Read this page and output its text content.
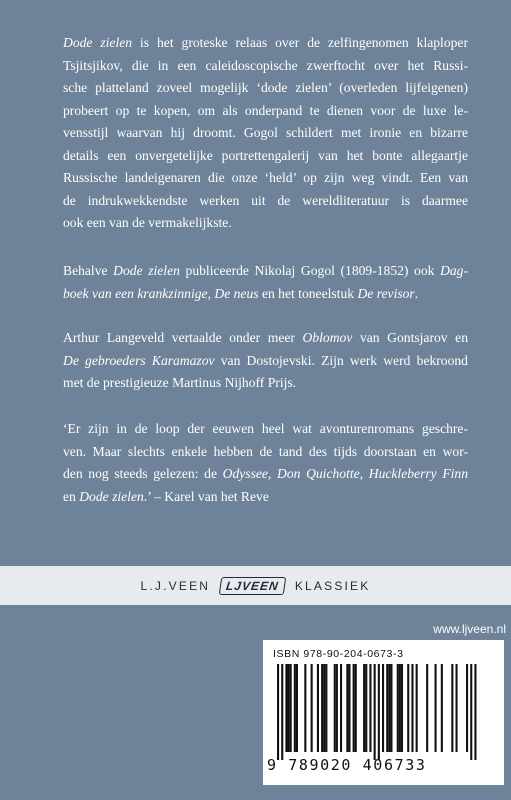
Dode zielen is het groteske relaas over de zelfingenomen klaploper
Tsjitsjikov, die in een caleidoscopische zwerftocht over het Russi-
sche platteland zoveel mogelijk ‘dode zielen’ (overleden lijfeigenen)
probeert op te kopen, om als onderpand te dienen voor de luxe le-
vensstijl waarvan hij droomt. Gogol schildert met ironie en bizarre
details een onvergetelijke portrettengalerij van het bonte allegaartje
Russische landeigenaren die onze ‘held’ op zijn weg vindt. Een van
de indrukwekkendste werken uit de wereldliteratuur is daarmee
ook een van de vermakelijkste.
Behalve Dode zielen publiceerde Nikolaj Gogol (1809-1852) ook Dag-
boek van een krankzinnige, De neus en het toneelstuk De revisor.
Arthur Langeveld vertaalde onder meer Oblomov van Gontsjarov en
De gebroeders Karamazov van Dostojevski. Zijn werk werd bekroond
met de prestigieuze Martinus Nijhoff Prijs.
‘Er zijn in de loop der eeuwen heel wat avonturenromans geschre-
ven. Maar slechts enkele hebben de tand des tijds doorstaan en wor-
den nog steeds gelezen: de Odyssee, Don Quichotte, Huckleberry Finn
en Dode zielen.’ – Karel van het Reve
L.J.VEEN	LJVEEN	KLASSIEK
www.ljveen.nl
ISBN 978-90-204-0673-3
9 789020 406733
